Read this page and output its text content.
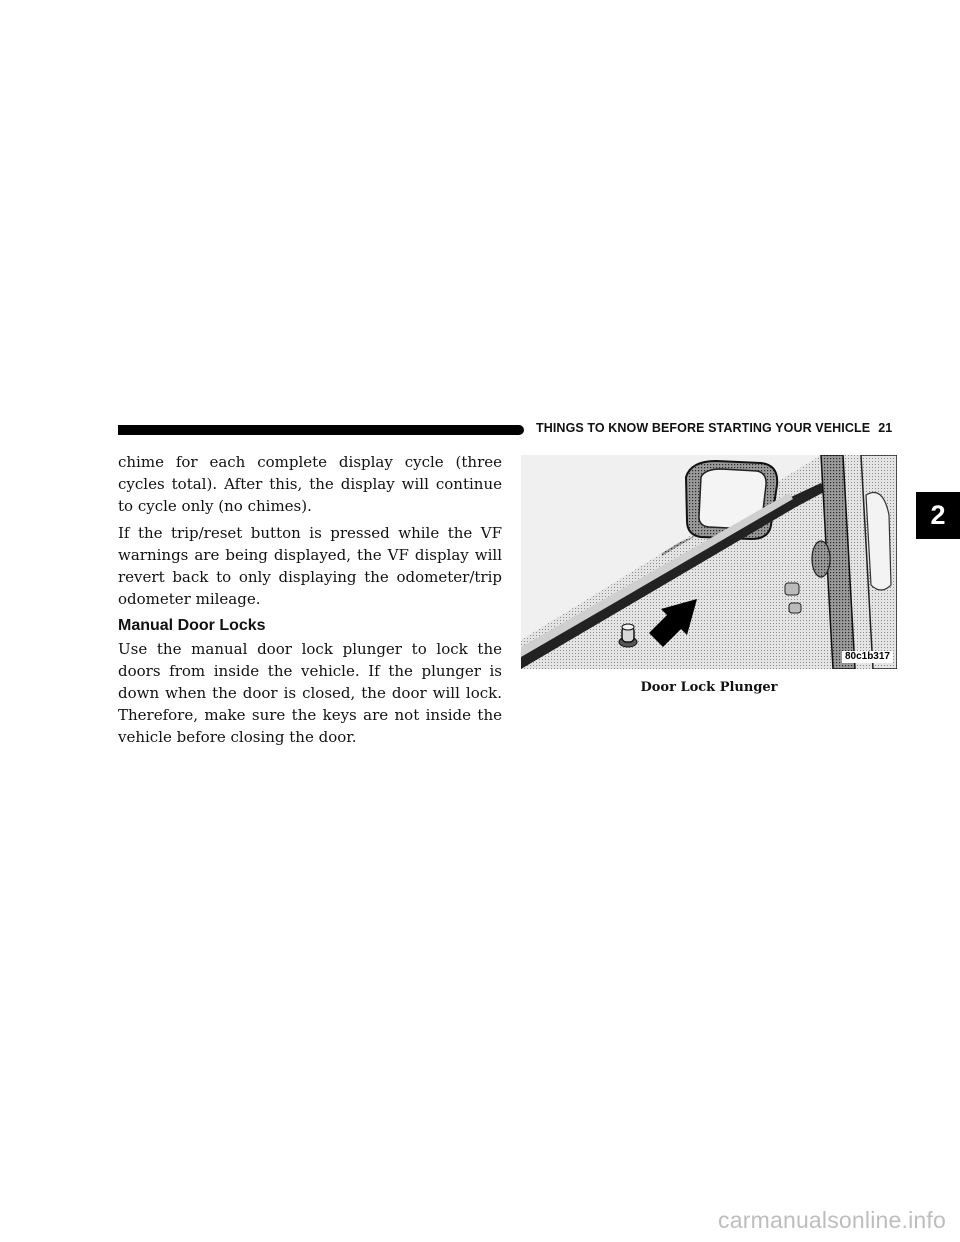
THINGS TO KNOW BEFORE STARTING YOUR VEHICLE 21
2

chime for each complete display cycle (three cycles total). After this, the display will continue to cycle only (no chimes).

If the trip/reset button is pressed while the VF warnings are being displayed, the VF display will revert back to only displaying the odometer/trip odometer mileage.

Manual Door Locks

Use the manual door lock plunger to lock the doors from inside the vehicle. If the plunger is down when the door is closed, the door will lock. Therefore, make sure the keys are not inside the vehicle before closing the door.

80c1b317
Door Lock Plunger
carmanualsonline.info
